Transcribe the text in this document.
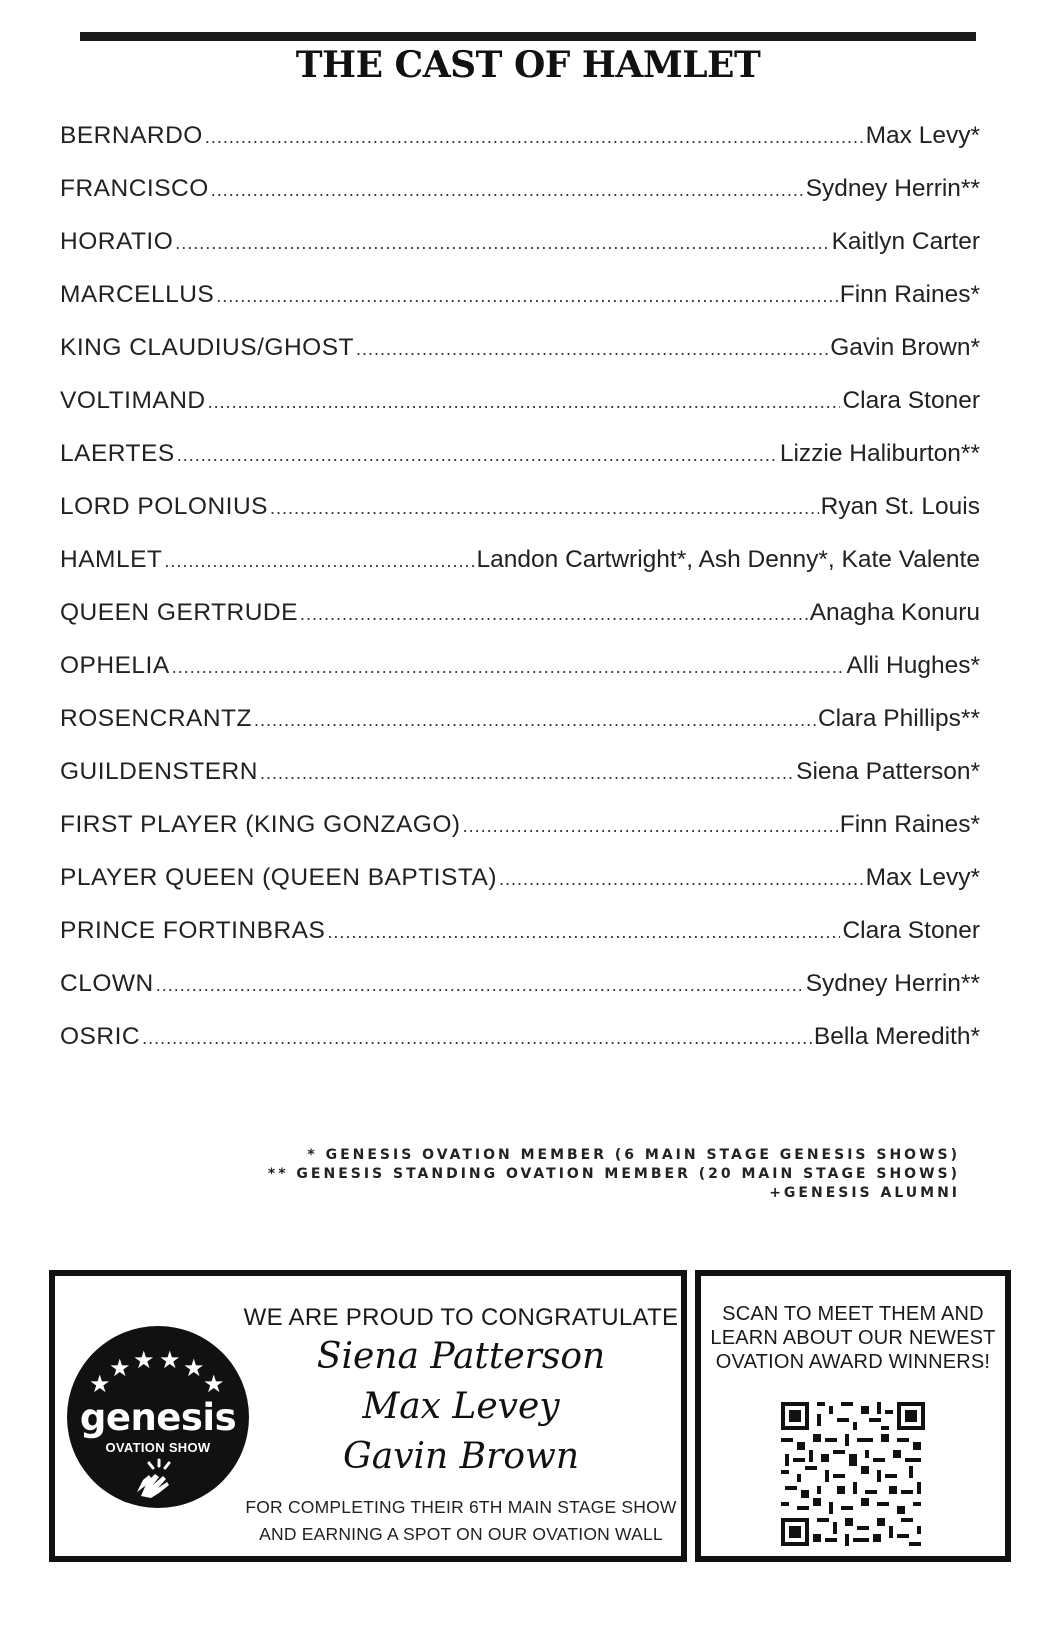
THE CAST OF HAMLET
BERNARDO .....	Max Levy*
FRANCISCO .....	Sydney Herrin**
HORATIO .....	Kaitlyn Carter
MARCELLUS .....	Finn Raines*
KING CLAUDIUS/GHOST .....	Gavin Brown*
VOLTIMAND .....	Clara Stoner
LAERTES .....	Lizzie Haliburton**
LORD POLONIUS .....	Ryan St. Louis
HAMLET .....	Landon Cartwright*, Ash Denny*, Kate Valente
QUEEN GERTRUDE .....	Anagha Konuru
OPHELIA .....	Alli Hughes*
ROSENCRANTZ .....	Clara Phillips**
GUILDENSTERN .....	Siena Patterson*
FIRST PLAYER (KING GONZAGO) .....	Finn Raines*
PLAYER QUEEN (QUEEN BAPTISTA) .....	Max Levy*
PRINCE FORTINBRAS .....	Clara Stoner
CLOWN .....	Sydney Herrin**
OSRIC .....	Bella Meredith*
* GENESIS OVATION MEMBER (6 MAIN STAGE GENESIS SHOWS)
** GENESIS STANDING OVATION MEMBER (20 MAIN STAGE SHOWS)
+GENESIS ALUMNI
★
★ ★ ★ ★
★
genesis
OVATION SHOW
WE ARE PROUD TO CONGRATULATE
Siena Patterson
Max Levey
Gavin Brown
FOR COMPLETING THEIR 6TH MAIN STAGE SHOW
AND EARNING A SPOT ON OUR OVATION WALL
SCAN TO MEET THEM AND
LEARN ABOUT OUR NEWEST
OVATION AWARD WINNERS!
